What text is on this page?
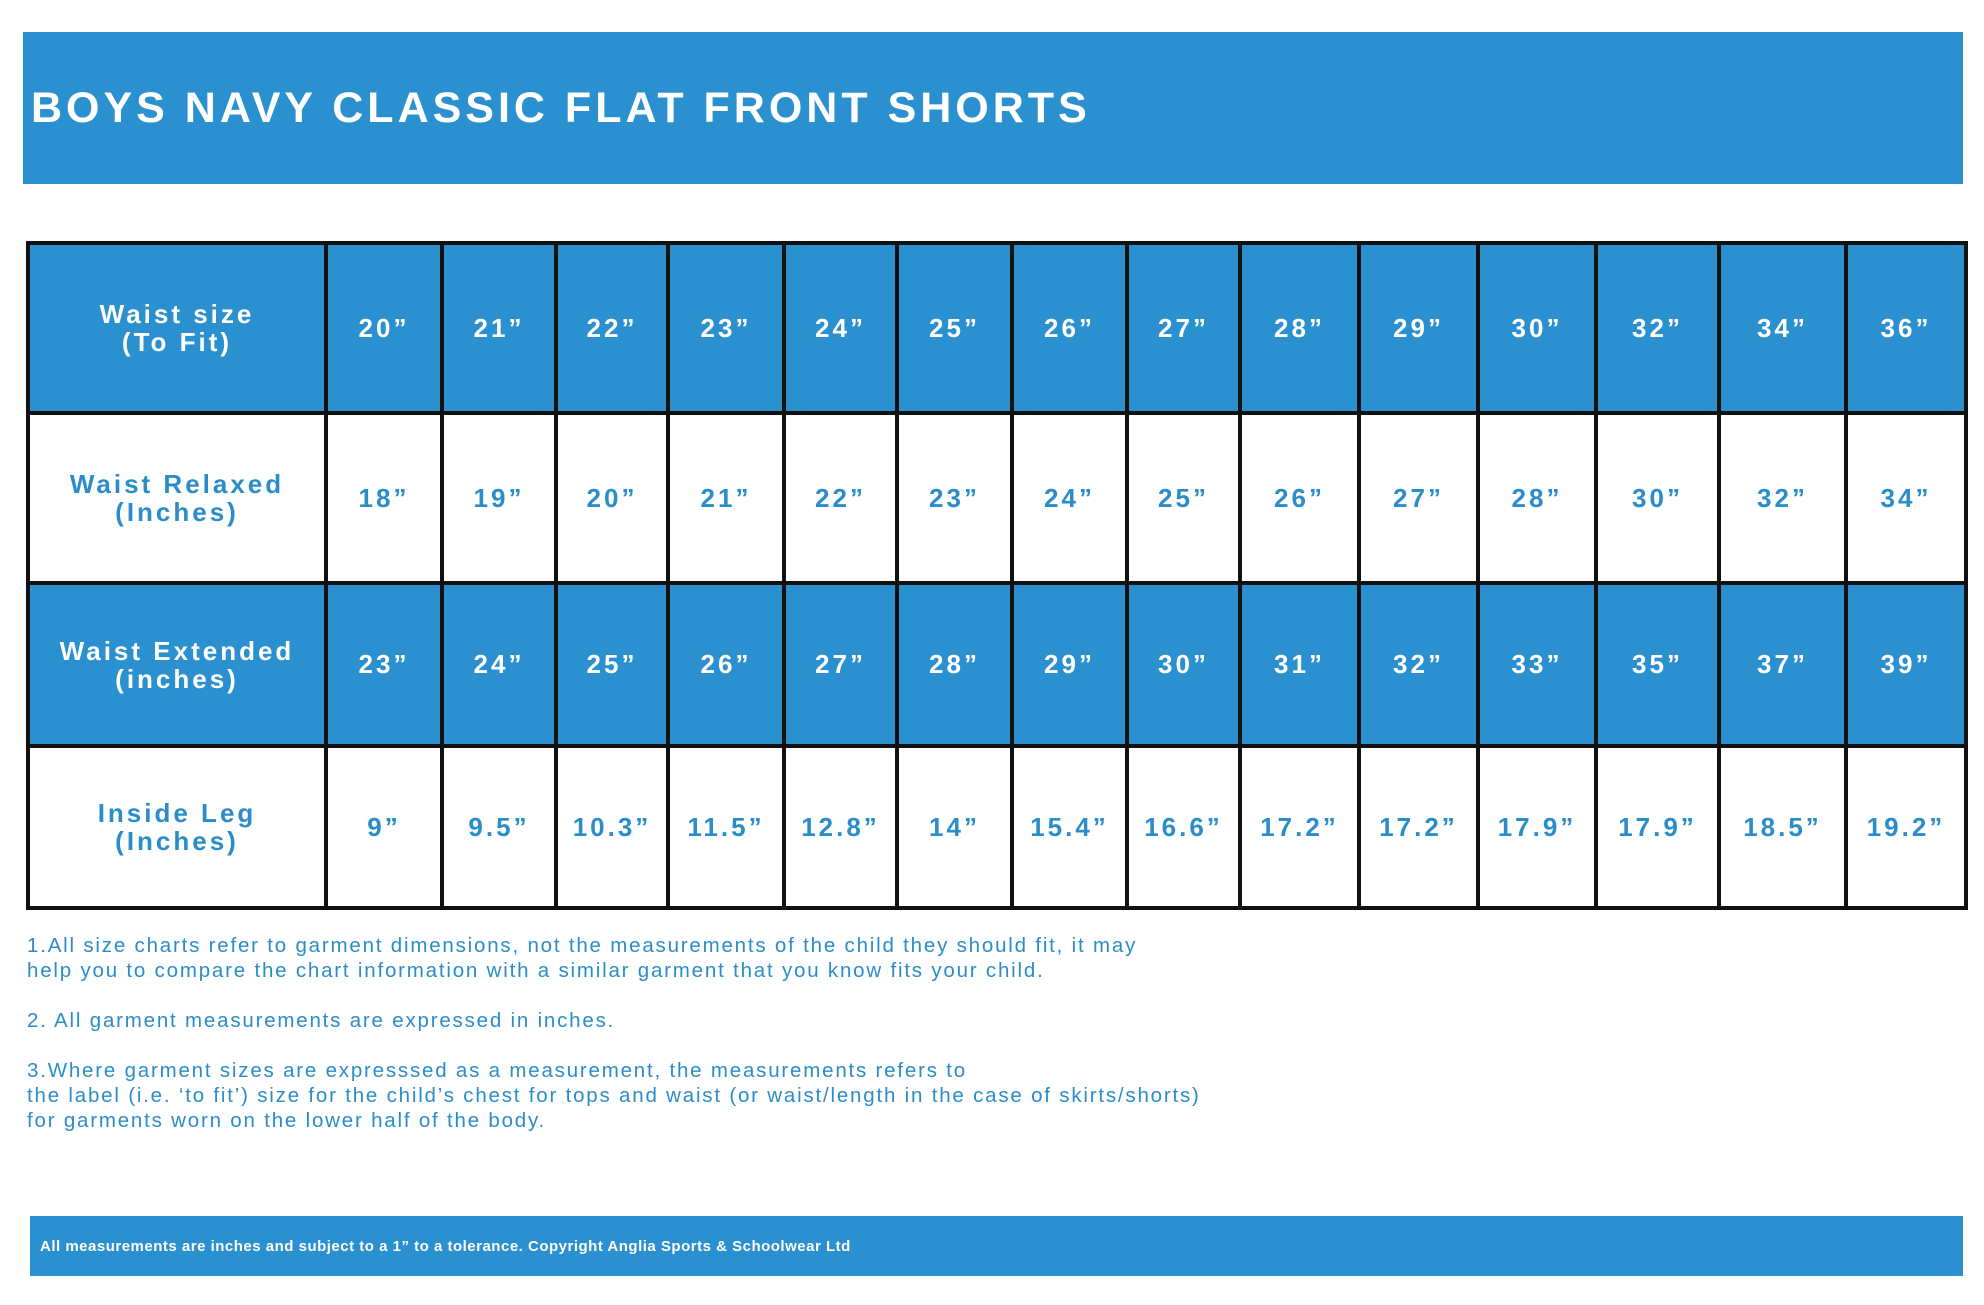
BOYS NAVY CLASSIC FLAT FRONT SHORTS
Waist size
(To Fit)	20”	21”	22”	23”	24”	25”	26”	27”	28”	29”	30”	32”	34”	36”

Waist Relaxed
(Inches)	18”	19”	20”	21”	22”	23”	24”	25”	26”	27”	28”	30”	32”	34”

Waist Extended
(inches)	23”	24”	25”	26”	27”	28”	29”	30”	31”	32”	33”	35”	37”	39”

Inside Leg
(Inches)	9”	9.5”	10.3”	11.5”	12.8”	14”	15.4”	16.6”	17.2”	17.2”	17.9”	17.9”	18.5”	19.2”

1.All size charts refer to garment dimensions, not the measurements of the child they should fit, it may
help you to compare the chart information with a similar garment that you know fits your child.

2. All garment measurements are expressed in inches.

3.Where garment sizes are expresssed as a measurement, the measurements refers to
the label (i.e. ‘to fit’) size for the child’s chest for tops and waist (or waist/length in the case of skirts/shorts)
for garments worn on the lower half of the body.

All measurements are inches and subject to a 1” to a tolerance. Copyright Anglia Sports & Schoolwear Ltd
